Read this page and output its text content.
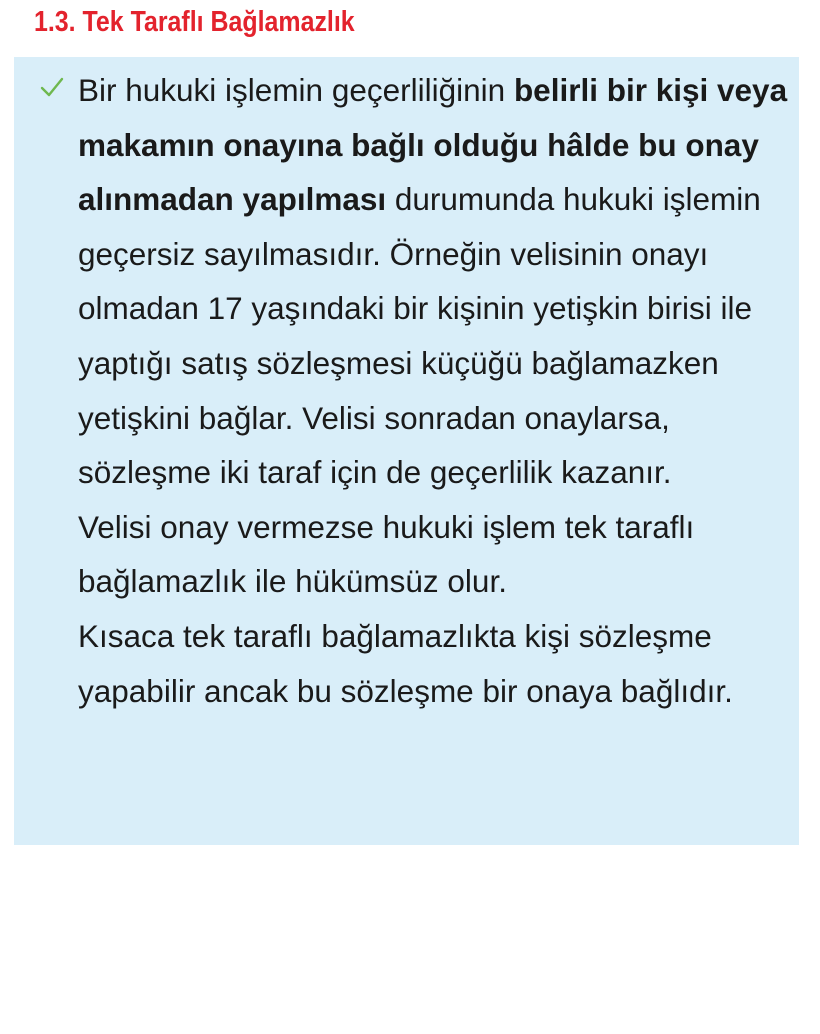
1.3. Tek Taraflı Bağlamazlık

Bir hukuki işlemin geçerliliğinin belirli bir kişi veya makamın onayına bağlı olduğu hâlde bu onay alınmadan yapılması durumunda hukuki işlemin geçersiz sayılmasıdır. Örneğin velisinin onayı olmadan 17 yaşındaki bir kişinin yetişkin birisi ile yaptığı satış sözleşmesi küçüğü bağlamazken yetişkini bağlar. Velisi sonradan onaylarsa, sözleşme iki taraf için de geçerlilik kazanır.

Velisi onay vermezse hukuki işlem tek taraflı bağlamazlık ile hükümsüz olur.

Kısaca tek taraflı bağlamazlıkta kişi sözleşme yapabilir ancak bu sözleşme bir onaya bağlıdır.
